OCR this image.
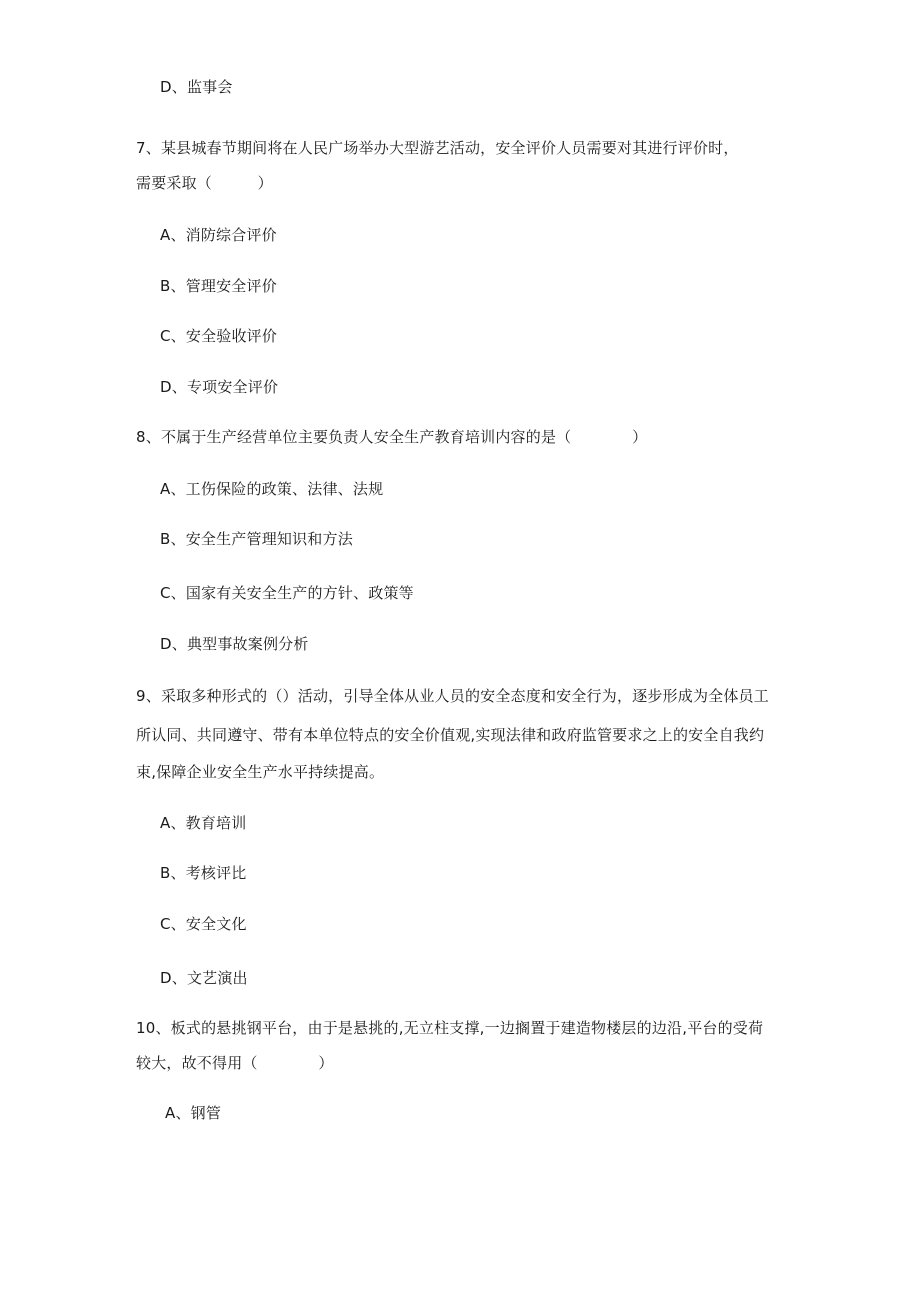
D、监事会
7、某县城春节期间将在人民广场举办大型游艺活动，安全评价人员需要对其进行评价时，
需要采取（　　　）
A、消防综合评价
B、管理安全评价
C、安全验收评价
D、专项安全评价
8、不属于生产经营单位主要负责人安全生产教育培训内容的是（　　　　）
A、工伤保险的政策、法律、法规
B、安全生产管理知识和方法
C、国家有关安全生产的方针、政策等
D、典型事故案例分析
9、采取多种形式的（）活动，引导全体从业人员的安全态度和安全行为，逐步形成为全体员工
所认同、共同遵守、带有本单位特点的安全价值观,实现法律和政府监管要求之上的安全自我约
束,保障企业安全生产水平持续提高。
A、教育培训
B、考核评比
C、安全文化
D、文艺演出
10、板式的悬挑钢平台，由于是悬挑的,无立柱支撑,一边搁置于建造物楼层的边沿,平台的受荷
较大，故不得用（　　　　）
A、钢管
